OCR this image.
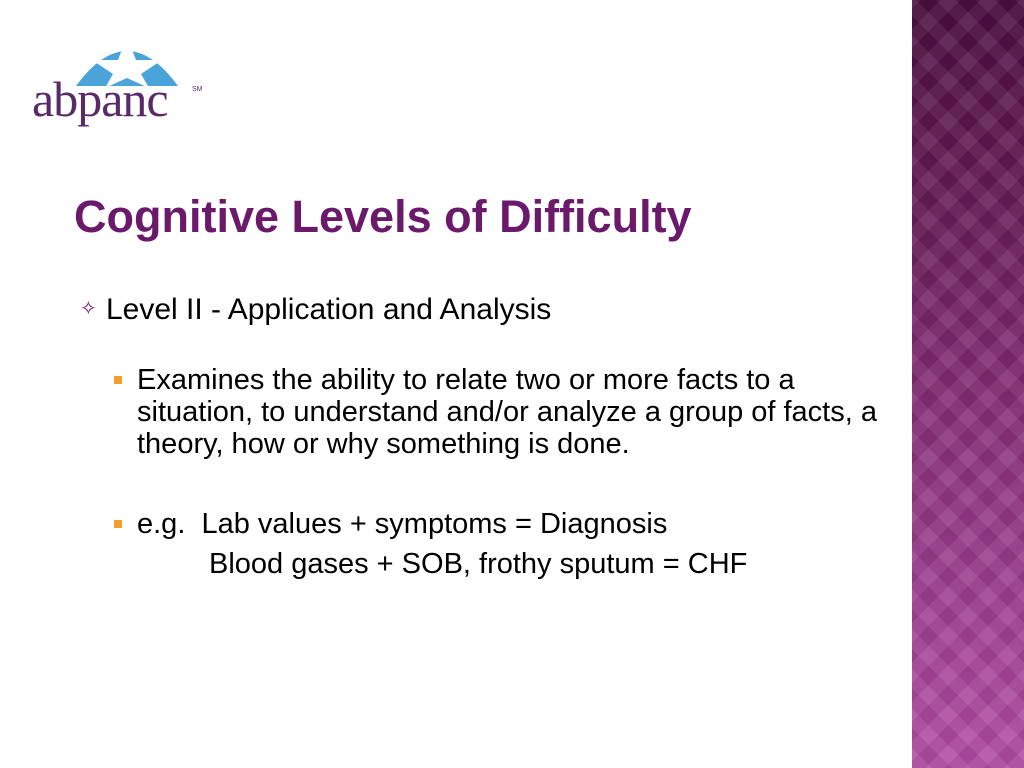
abpanc	SM
Cognitive Levels of Difficulty
✧ Level II - Application and Analysis
Examines the ability to relate two or more facts to a situation, to understand and/or analyze a group of facts, a theory, how or why something is done.
e.g.  Lab values + symptoms = Diagnosis
Blood gases + SOB, frothy sputum = CHF
